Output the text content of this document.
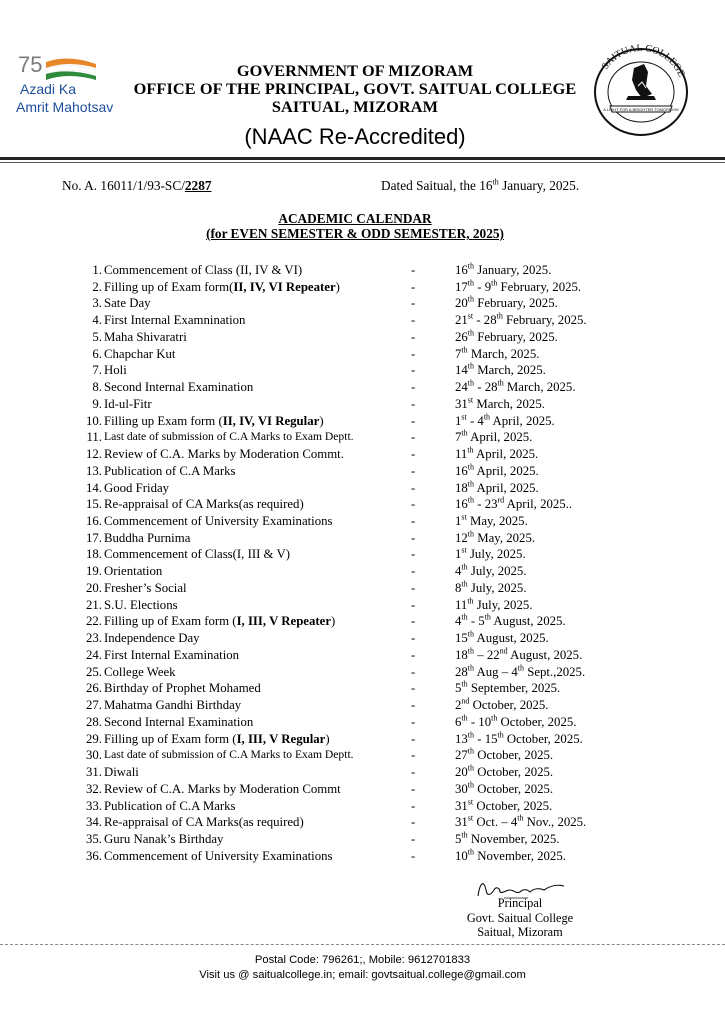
75
Azadi Ka
Amrit Mahotsav
GOVERNMENT OF MIZORAM
OFFICE OF THE PRINCIPAL, GOVT. SAITUAL COLLEGE
SAITUAL, MIZORAM
(NAAC Re-Accredited)
SAITUAL COLLEGE
A LIGHT FOR A BRIGHTER TOMORROW
No. A. 16011/1/93-SC/2287	Dated Saitual, the 16th January, 2025.
ACADEMIC CALENDAR
(for EVEN SEMESTER & ODD SEMESTER, 2025)
1. Commencement of Class (II, IV & VI)	-	16th January, 2025.
2. Filling up of Exam form(II, IV, VI Repeater)	-	17th - 9th February, 2025.
3. Sate Day	-	20th February, 2025.
4. First Internal Examnination	-	21st - 28th February, 2025.
5. Maha Shivaratri	-	26th February, 2025.
6. Chapchar Kut	-	7th March, 2025.
7. Holi	-	14th March, 2025.
8. Second Internal Examination	-	24th - 28th March, 2025.
9. Id-ul-Fitr	-	31st March, 2025.
10. Filling up Exam form (II, IV, VI Regular)	-	1st - 4th April, 2025.
11. Last date of submission of C.A Marks to Exam Deptt.	-	7th April, 2025.
12. Review of C.A. Marks by Moderation Commt.	-	11th April, 2025.
13. Publication of C.A Marks	-	16th April, 2025.
14. Good Friday	-	18th April, 2025.
15. Re-appraisal of CA Marks(as required)	-	16th - 23rd April, 2025..
16. Commencement of University Examinations	-	1st May, 2025.
17. Buddha Purnima	-	12th May, 2025.
18. Commencement of Class(I, III & V)	-	1st July, 2025.
19. Orientation	-	4th July, 2025.
20. Fresher’s Social	-	8th July, 2025.
21. S.U. Elections	-	11th July, 2025.
22. Filling up of Exam form (I, III, V Repeater)	-	4th - 5th August, 2025.
23. Independence Day	-	15th August, 2025.
24. First Internal Examination	-	18th – 22nd August, 2025.
25. College Week	-	28th Aug – 4th Sept.,2025.
26. Birthday of Prophet Mohamed	-	5th September, 2025.
27. Mahatma Gandhi Birthday	-	2nd October, 2025.
28. Second Internal Examination	-	6th - 10th October, 2025.
29. Filling up of Exam form (I, III, V Regular)	-	13th - 15th October, 2025.
30. Last date of submission of C.A Marks to Exam Deptt.	-	27th October, 2025.
31. Diwali	-	20th October, 2025.
32. Review of C.A. Marks by Moderation Commt	-	30th October, 2025.
33. Publication of C.A Marks	-	31st October, 2025.
34. Re-appraisal of CA Marks(as required)	-	31st Oct. – 4th Nov., 2025.
35. Guru Nanak’s Birthday	-	5th November, 2025.
36. Commencement of University Examinations	-	10th November, 2025.
Principal
Govt. Saitual College
Saitual, Mizoram
Postal Code: 796261;, Mobile: 9612701833
Visit us @ saitualcollege.in; email: govtsaitual.college@gmail.com
